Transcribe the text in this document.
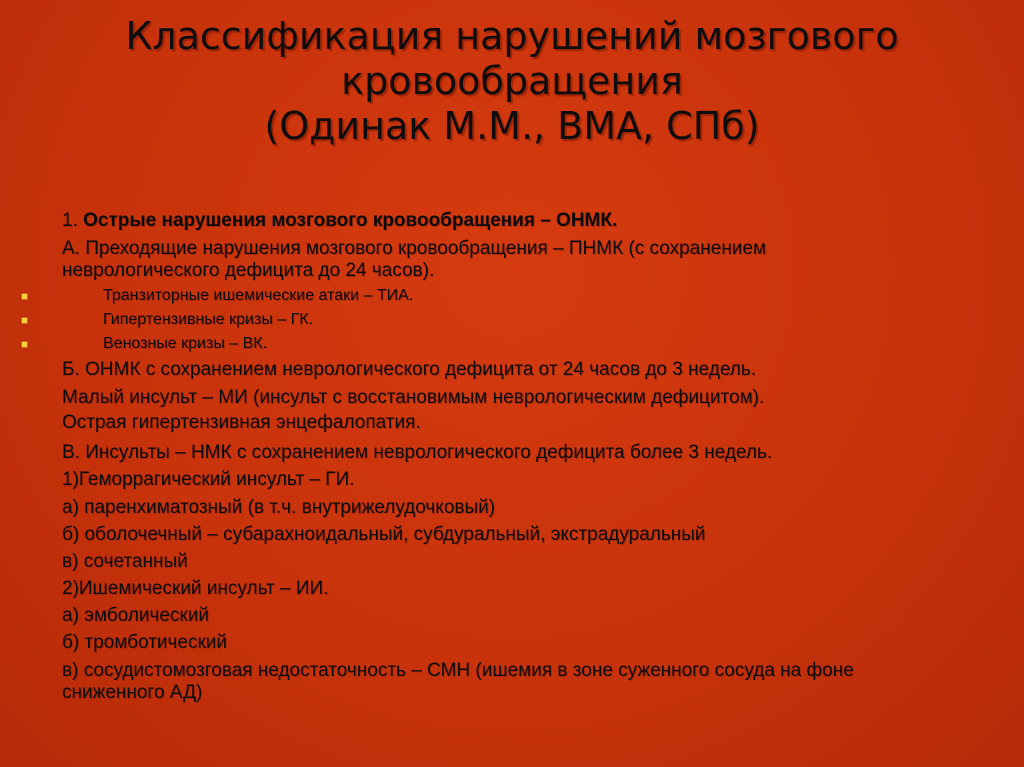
Классификация нарушений мозгового
кровообращения
(Одинак М.М., ВМА, СПб)
1. Острые нарушения мозгового кровообращения – ОНМК.
А. Преходящие нарушения мозгового кровообращения – ПНМК (с сохранением
неврологического дефицита до 24 часов).
Транзиторные ишемические атаки – ТИА.
Гипертензивные кризы – ГК.
Венозные кризы – ВК.
Б. ОНМК с сохранением неврологического дефицита от 24 часов до 3 недель.
Малый инсульт – МИ (инсульт с восстановимым неврологическим дефицитом).
Острая гипертензивная энцефалопатия.
В. Инсульты – НМК с сохранением неврологического дефицита более 3 недель.
1)Геморрагический инсульт – ГИ.
а) паренхиматозный (в т.ч. внутрижелудочковый)
б) оболочечный – субарахноидальный, субдуральный, экстрадуральный
в) сочетанный
2)Ишемический инсульт – ИИ.
а) эмболический
б) тромботический
в) сосудистомозговая недостаточность – СМН (ишемия в зоне суженного сосуда на фоне
сниженного АД)
